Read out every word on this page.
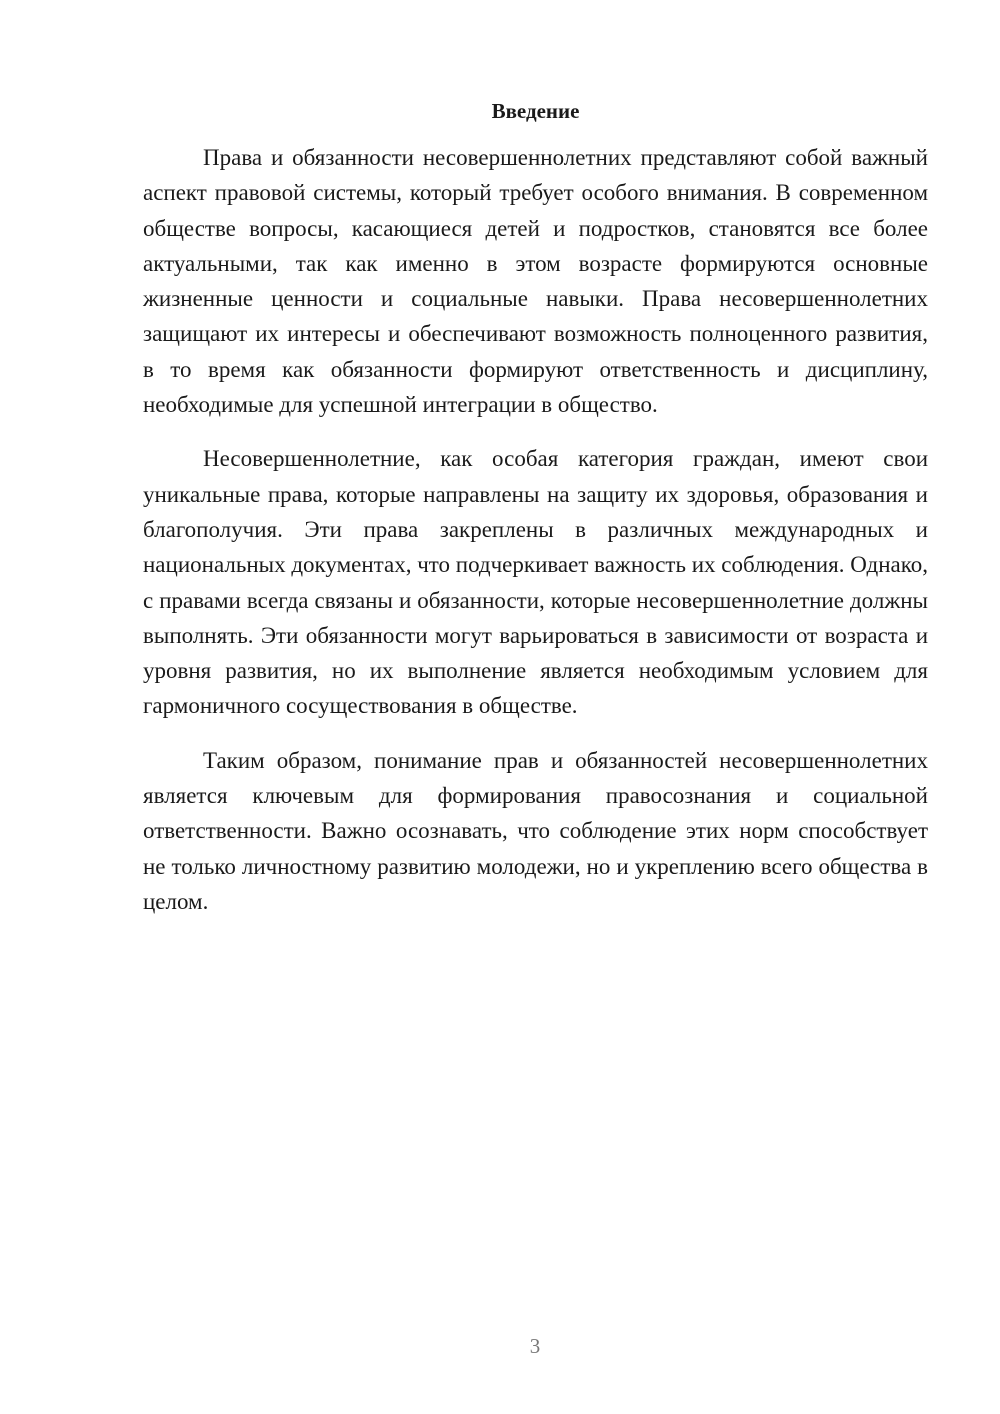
Введение

Права и обязанности несовершеннолетних представляют собой важный аспект правовой системы, который требует особого внимания. В современном обществе вопросы, касающиеся детей и подростков, становятся все более актуальными, так как именно в этом возрасте формируются основные жизненные ценности и социальные навыки. Права несовершеннолетних защищают их интересы и обеспечивают возможность полноценного развития, в то время как обязанности формируют ответственность и дисциплину, необходимые для успешной интеграции в общество.

Несовершеннолетние, как особая категория граждан, имеют свои уникальные права, которые направлены на защиту их здоровья, образования и благополучия. Эти права закреплены в различных международных и национальных документах, что подчеркивает важность их соблюдения. Однако, с правами всегда связаны и обязанности, которые несовершеннолетние должны выполнять. Эти обязанности могут варьироваться в зависимости от возраста и уровня развития, но их выполнение является необходимым условием для гармоничного сосуществования в обществе.

Таким образом, понимание прав и обязанностей несовершеннолетних является ключевым для формирования правосознания и социальной ответственности. Важно осознавать, что соблюдение этих норм способствует не только личностному развитию молодежи, но и укреплению всего общества в целом.

3
